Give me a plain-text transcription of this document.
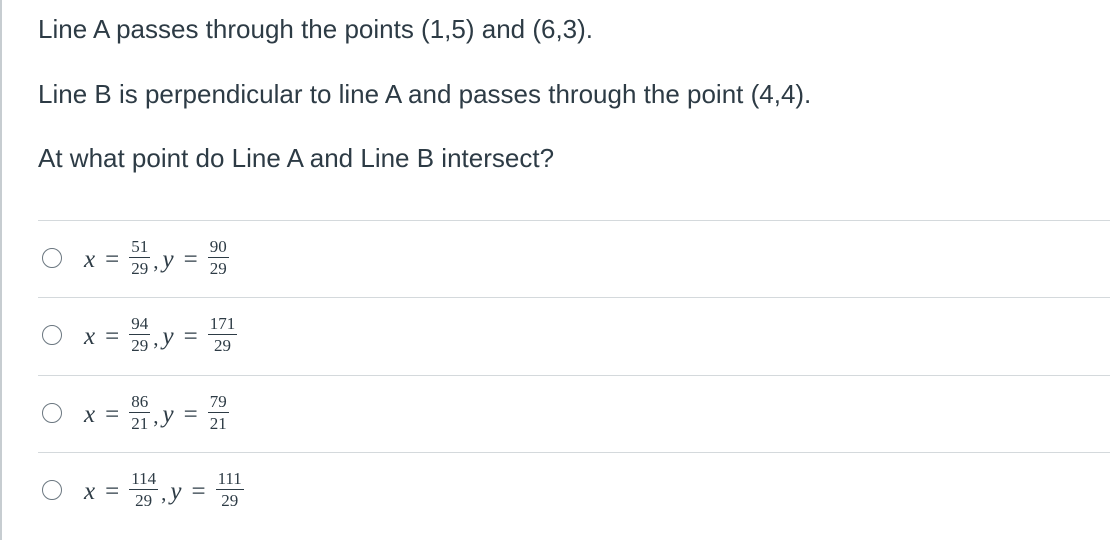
Line A passes through the points (1,5) and (6,3).
Line B is perpendicular to line A and passes through the point (4,4).
At what point do Line A and Line B intersect?
$x = \frac{51}{29}$ , $y = \frac{90}{29}$
$x = \frac{94}{29}$ , $y = \frac{171}{29}$
$x = \frac{86}{21}$ , $y = \frac{79}{21}$
$x = \frac{114}{29}$ , $y = \frac{111}{29}$
